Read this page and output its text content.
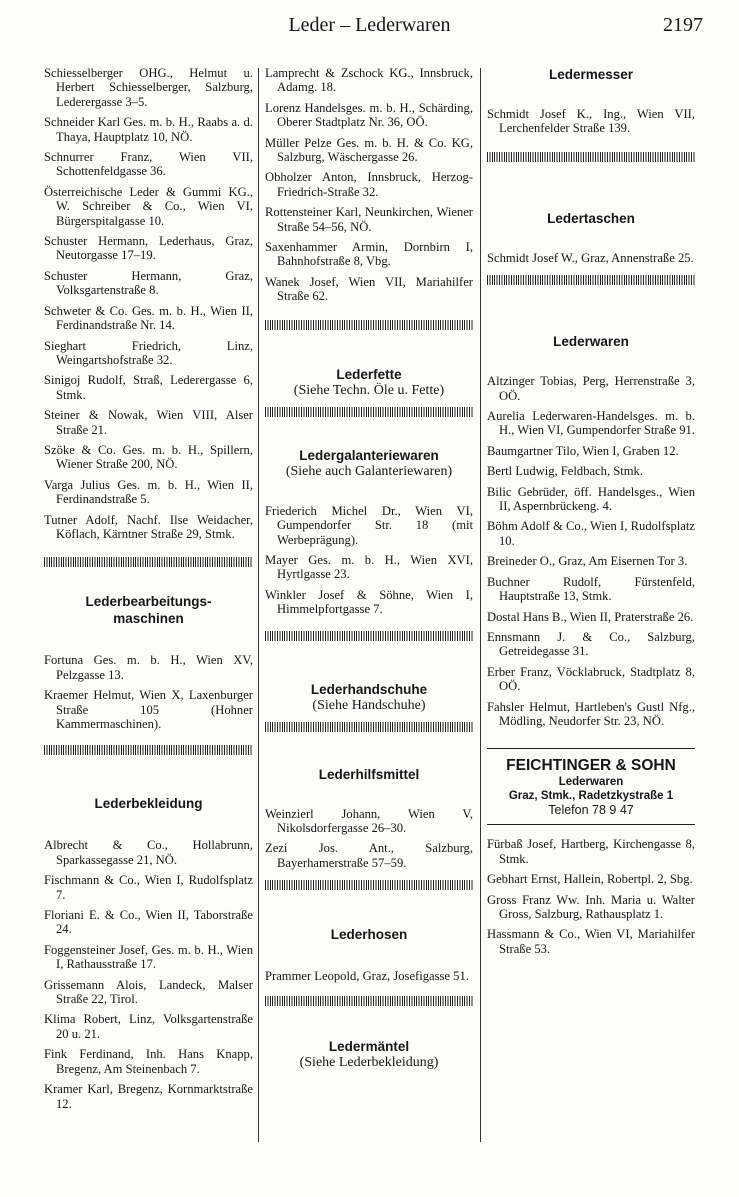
Leder – Lederwaren	2197
Schiesselberger OHG., Helmut u. Herbert Schiesselberger, Salzburg, Lederergasse 3–5.
Schneider Karl Ges. m. b. H., Raabs a. d. Thaya, Hauptplatz 10, NÖ.
Schnurrer Franz, Wien VII, Schottenfeldgasse 36.
Österreichische Leder & Gummi KG., W. Schreiber & Co., Wien VI, Bürgerspitalgasse 10.
Schuster Hermann, Lederhaus, Graz, Neutorgasse 17–19.
Schuster Hermann, Graz, Volksgartenstraße 8.
Schweter & Co. Ges. m. b. H., Wien II, Ferdinandstraße Nr. 14.
Sieghart Friedrich, Linz, Weingartshofstraße 32.
Sinigoj Rudolf, Straß, Lederergasse 6, Stmk.
Steiner & Nowak, Wien VIII, Alser Straße 21.
Szöke & Co. Ges. m. b. H., Spillern, Wiener Straße 200, NÖ.
Varga Julius Ges. m. b. H., Wien II, Ferdinandstraße 5.
Tutner Adolf, Nachf. Ilse Weidacher, Köflach, Kärntner Straße 29, Stmk.
Lederbearbeitungs-
maschinen
Fortuna Ges. m. b. H., Wien XV, Pelzgasse 13.
Kraemer Helmut, Wien X, Laxenburger Straße 105 (Hohner Kammermaschinen).
Lederbekleidung
Albrecht & Co., Hollabrunn, Sparkassegasse 21, NÖ.
Fischmann & Co., Wien I, Rudolfsplatz 7.
Floriani E. & Co., Wien II, Taborstraße 24.
Foggensteiner Josef, Ges. m. b. H., Wien I, Rathausstraße 17.
Grissemann Alois, Landeck, Malser Straße 22, Tirol.
Klima Robert, Linz, Volksgartenstraße 20 u. 21.
Fink Ferdinand, Inh. Hans Knapp, Bregenz, Am Steinenbach 7.
Kramer Karl, Bregenz, Kornmarktstraße 12.
Lamprecht & Zschock KG., Innsbruck, Adamg. 18.
Lorenz Handelsges. m. b. H., Schärding, Oberer Stadtplatz Nr. 36, OÖ.
Müller Pelze Ges. m. b. H. & Co. KG, Salzburg, Wäschergasse 26.
Obholzer Anton, Innsbruck, Herzog-Friedrich-Straße 32.
Rottensteiner Karl, Neunkirchen, Wiener Straße 54–56, NÖ.
Saxenhammer Armin, Dornbirn I, Bahnhofstraße 8, Vbg.
Wanek Josef, Wien VII, Mariahilfer Straße 62.
Lederfette
(Siehe Techn. Öle u. Fette)
Ledergalanteriewaren
(Siehe auch Galanteriewaren)
Friederich Michel Dr., Wien VI, Gumpendorfer Str. 18 (mit Werbeprägung).
Mayer Ges. m. b. H., Wien XVI, Hyrtlgasse 23.
Winkler Josef & Söhne, Wien I, Himmelpfortgasse 7.
Lederhandschuhe
(Siehe Handschuhe)
Lederhilfsmittel
Weinzierl Johann, Wien V, Nikolsdorfergasse 26–30.
Zezi Jos. Ant., Salzburg, Bayerhamerstraße 57–59.
Lederhosen
Prammer Leopold, Graz, Josefigasse 51.
Ledermäntel
(Siehe Lederbekleidung)
Ledermesser
Schmidt Josef K., Ing., Wien VII, Lerchenfelder Straße 139.
Ledertaschen
Schmidt Josef W., Graz, Annenstraße 25.
Lederwaren
Altzinger Tobias, Perg, Herrenstraße 3, OÖ.
Aurelia Lederwaren-Handelsges. m. b. H., Wien VI, Gumpendorfer Straße 91.
Baumgartner Tilo, Wien I, Graben 12.
Bertl Ludwig, Feldbach, Stmk.
Bilic Gebrüder, öff. Handelsges., Wien II, Aspernbrückeng. 4.
Böhm Adolf & Co., Wien I, Rudolfsplatz 10.
Breineder O., Graz, Am Eisernen Tor 3.
Buchner Rudolf, Fürstenfeld, Hauptstraße 13, Stmk.
Dostal Hans B., Wien II, Praterstraße 26.
Ennsmann J. & Co., Salzburg, Getreidegasse 31.
Erber Franz, Vöcklabruck, Stadtplatz 8, OÖ.
Fahsler Helmut, Hartleben's Gustl Nfg., Mödling, Neudorfer Str. 23, NÖ.
FEICHTINGER & SOHN
Lederwaren
Graz, Stmk., Radetzkystraße 1
Telefon 78 9 47
Fürbaß Josef, Hartberg, Kirchengasse 8, Stmk.
Gebhart Ernst, Hallein, Robertpl. 2, Sbg.
Gross Franz Ww. Inh. Maria u. Walter Gross, Salzburg, Rathausplatz 1.
Hassmann & Co., Wien VI, Mariahilfer Straße 53.
